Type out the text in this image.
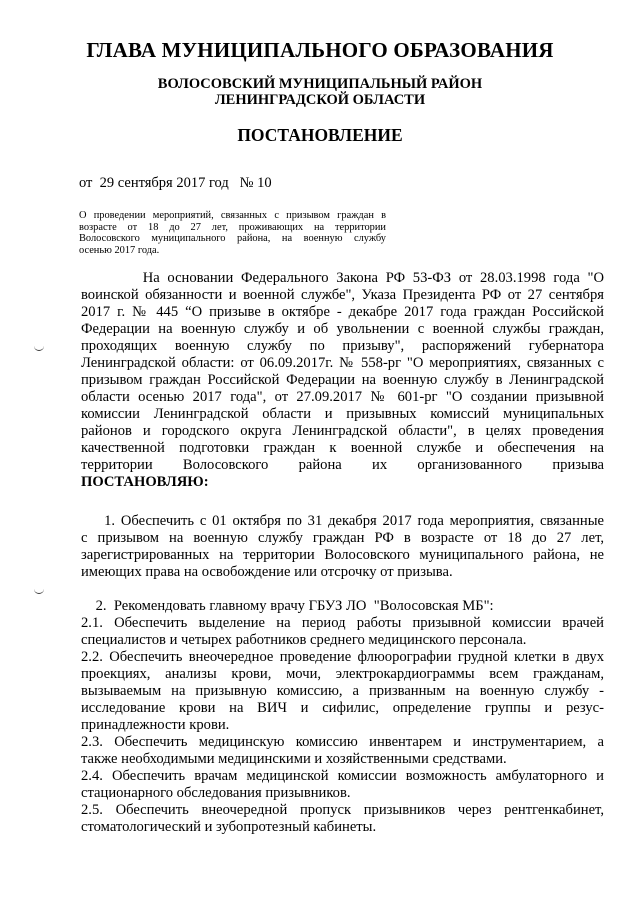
ГЛАВА МУНИЦИПАЛЬНОГО ОБРАЗОВАНИЯ
ВОЛОСОВСКИЙ МУНИЦИПАЛЬНЫЙ РАЙОН
ЛЕНИНГРАДСКОЙ ОБЛАСТИ
ПОСТАНОВЛЕНИЕ
от  29 сентября 2017 год   № 10
О проведении мероприятий, связанных с призывом граждан в
возрасте от 18 до 27 лет, проживающих на территории
Волосовского муниципального района, на военную службу
осенью 2017 года.
На основании Федерального Закона РФ 53-ФЗ от 28.03.1998 года "О
воинской обязанности и военной службе", Указа Президента РФ от 27 сентября
2017 г. № 445 “О призыве в октябре - декабре 2017 года граждан Российской
Федерации на военную службу и об увольнении с военной службы граждан,
проходящих военную службу по призыву", распоряжений губернатора
Ленинградской области: от 06.09.2017г. № 558-рг "О мероприятиях, связанных с
призывом граждан Российской Федерации на военную службу в Ленинградской
области осенью 2017 года", от 27.09.2017 № 601-рг "О создании призывной
комиссии Ленинградской области и призывных комиссий муниципальных
районов и городского округа Ленинградской области", в целях проведения
качественной подготовки граждан к военной службе и обеспечения на
территории Волосовского района их организованного призыва
ПОСТАНОВЛЯЮ:
1. Обеспечить с 01 октября по 31 декабря 2017 года мероприятия, связанные
с призывом на военную службу граждан РФ в возрасте от 18 до 27 лет,
зарегистрированных на территории Волосовского муниципального района, не
имеющих права на освобождение или отсрочку от призыва.
2.  Рекомендовать главному врачу ГБУЗ ЛО  "Волосовская МБ":
2.1. Обеспечить выделение на период работы призывной комиссии врачей
специалистов и четырех работников среднего медицинского персонала.
2.2. Обеспечить внеочередное проведение флюорографии грудной клетки в двух
проекциях, анализы крови, мочи, электрокардиограммы всем гражданам,
вызываемым на призывную комиссию, а призванным на военную службу -
исследование крови на ВИЧ и сифилис, определение группы и резус-
принадлежности крови.
2.3. Обеспечить медицинскую комиссию инвентарем и инструментарием, а
также необходимыми медицинскими и хозяйственными средствами.
2.4. Обеспечить врачам медицинской комиссии возможность амбулаторного и
стационарного обследования призывников.
2.5. Обеспечить внеочередной пропуск призывников через рентгенкабинет,
стоматологический и зубопротезный кабинеты.
